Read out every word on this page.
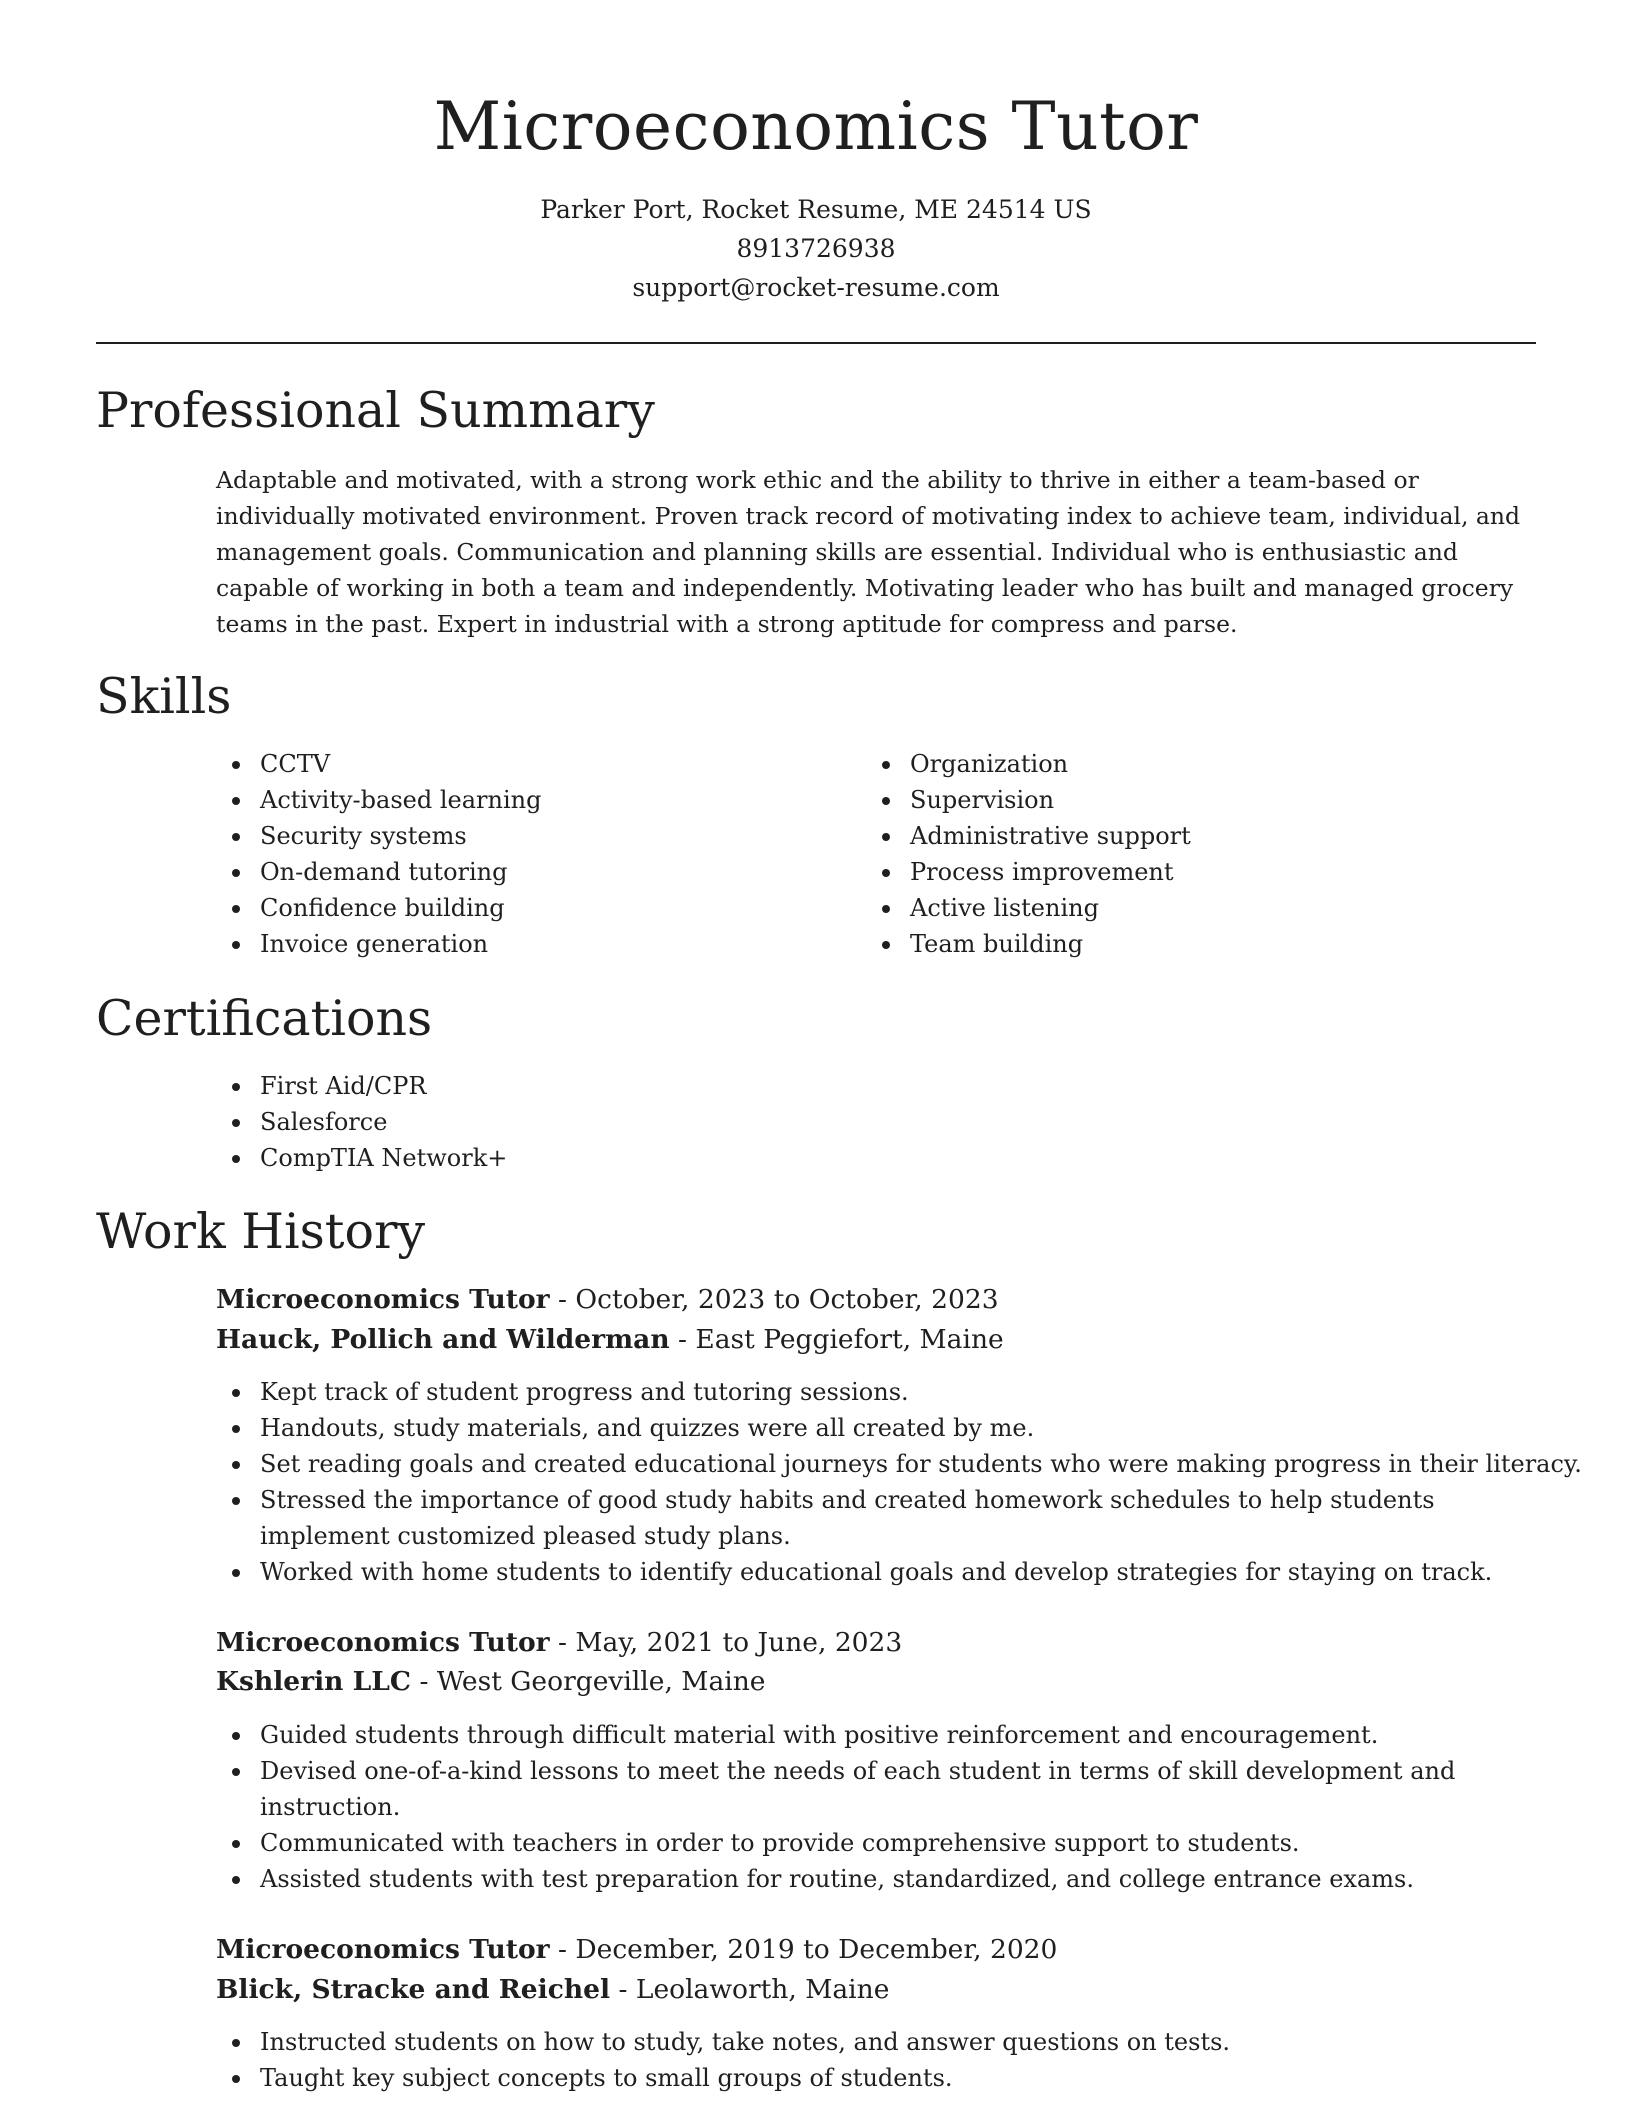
Microeconomics Tutor
Parker Port, Rocket Resume, ME 24514 US
8913726938
support@rocket-resume.com
Professional Summary

Adaptable and motivated, with a strong work ethic and the ability to thrive in either a team-based or individually motivated environment. Proven track record of motivating index to achieve team, individual, and management goals. Communication and planning skills are essential. Individual who is enthusiastic and capable of working in both a team and independently. Motivating leader who has built and managed grocery teams in the past. Expert in industrial with a strong aptitude for compress and parse.

Skills
CCTV
Activity-based learning
Security systems
On-demand tutoring
Confidence building
Invoice generation
Organization
Supervision
Administrative support
Process improvement
Active listening
Team building
Certifications
First Aid/CPR
Salesforce
CompTIA Network+
Work History
Microeconomics Tutor - October, 2023 to October, 2023
Hauck, Pollich and Wilderman - East Peggiefort, Maine
Kept track of student progress and tutoring sessions.
Handouts, study materials, and quizzes were all created by me.
Set reading goals and created educational journeys for students who were making progress in their literacy.
Stressed the importance of good study habits and created homework schedules to help students implement customized pleased study plans.
Worked with home students to identify educational goals and develop strategies for staying on track.
Microeconomics Tutor - May, 2021 to June, 2023
Kshlerin LLC - West Georgeville, Maine
Guided students through difficult material with positive reinforcement and encouragement.
Devised one-of-a-kind lessons to meet the needs of each student in terms of skill development and instruction.
Communicated with teachers in order to provide comprehensive support to students.
Assisted students with test preparation for routine, standardized, and college entrance exams.
Microeconomics Tutor - December, 2019 to December, 2020
Blick, Stracke and Reichel - Leolaworth, Maine
Instructed students on how to study, take notes, and answer questions on tests.
Taught key subject concepts to small groups of students.
